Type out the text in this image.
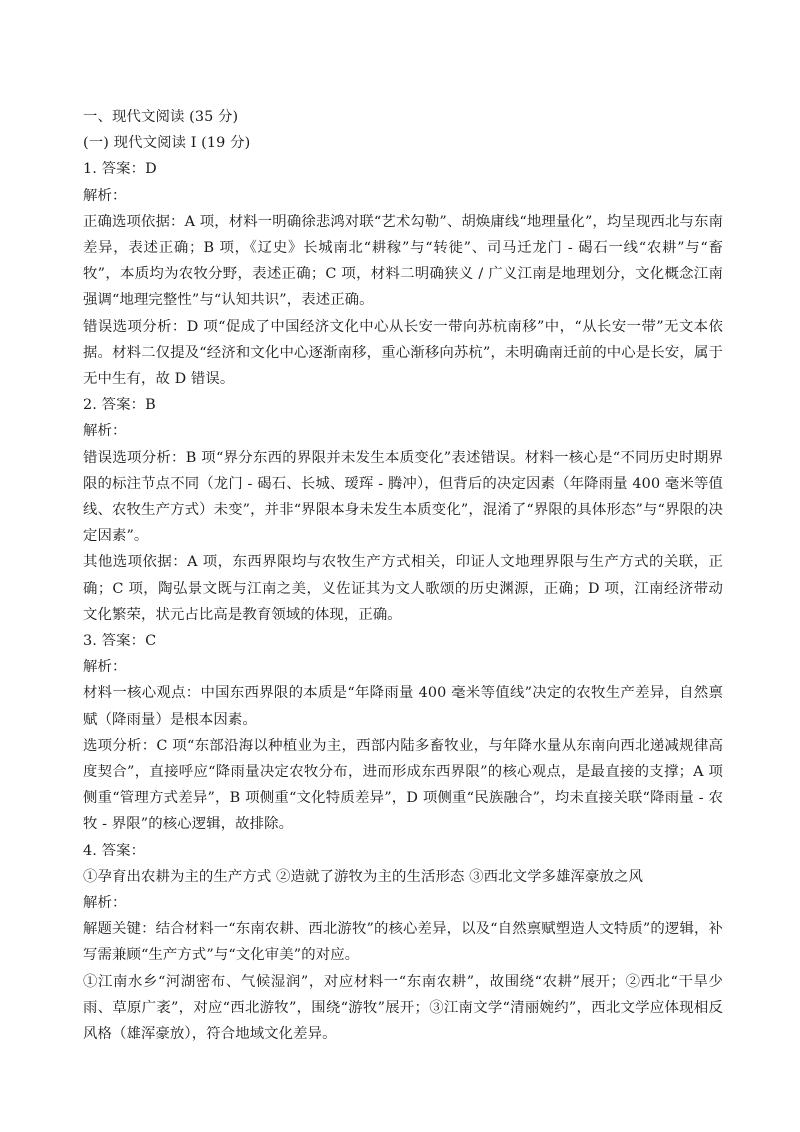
一、现代文阅读 (35 分)
(一) 现代文阅读 I (19 分)
1. 答案：D
解析：
正确选项依据：A 项，材料一明确徐悲鸿对联“艺术勾勒”、胡焕庸线“地理量化”，均呈现西北与东南差异，表述正确；B 项，《辽史》长城南北“耕稼”与“转徙”、司马迁龙门 - 碣石一线“农耕”与“畜牧”，本质均为农牧分野，表述正确；C 项，材料二明确狭义 / 广义江南是地理划分，文化概念江南强调“地理完整性”与“认知共识”，表述正确。
错误选项分析：D 项“促成了中国经济文化中心从长安一带向苏杭南移”中，“从长安一带”无文本依据。材料二仅提及“经济和文化中心逐渐南移，重心渐移向苏杭”，未明确南迁前的中心是长安，属于无中生有，故 D 错误。
2. 答案：B
解析：
错误选项分析：B 项“界分东西的界限并未发生本质变化”表述错误。材料一核心是“不同历史时期界限的标注节点不同（龙门 - 碣石、长城、瑷珲 - 腾冲），但背后的决定因素（年降雨量 400 毫米等值线、农牧生产方式）未变”，并非“界限本身未发生本质变化”，混淆了“界限的具体形态”与“界限的决定因素”。
其他选项依据：A 项，东西界限均与农牧生产方式相关，印证人文地理界限与生产方式的关联，正确；C 项，陶弘景文既与江南之美，义佐证其为文人歌颂的历史渊源，正确；D 项，江南经济带动文化繁荣，状元占比高是教育领域的体现，正确。
3. 答案：C
解析：
材料一核心观点：中国东西界限的本质是“年降雨量 400 毫米等值线”决定的农牧生产差异，自然禀赋（降雨量）是根本因素。
选项分析：C 项“东部沿海以种植业为主，西部内陆多畜牧业，与年降水量从东南向西北递减规律高度契合”，直接呼应“降雨量决定农牧分布，进而形成东西界限”的核心观点，是最直接的支撑；A 项侧重“管理方式差异”，B 项侧重“文化特质差异”，D 项侧重“民族融合”，均未直接关联“降雨量 - 农牧 - 界限”的核心逻辑，故排除。
4. 答案：
①孕育出农耕为主的生产方式 ②造就了游牧为主的生活形态 ③西北文学多雄浑豪放之风
解析：
解题关键：结合材料一“东南农耕、西北游牧”的核心差异，以及“自然禀赋塑造人文特质”的逻辑，补写需兼顾“生产方式”与“文化审美”的对应。
①江南水乡“河湖密布、气候湿润”，对应材料一“东南农耕”，故围绕“农耕”展开；②西北“干旱少雨、草原广袤”，对应“西北游牧”，围绕“游牧”展开；③江南文学“清丽婉约”，西北文学应体现相反风格（雄浑豪放），符合地域文化差异。
